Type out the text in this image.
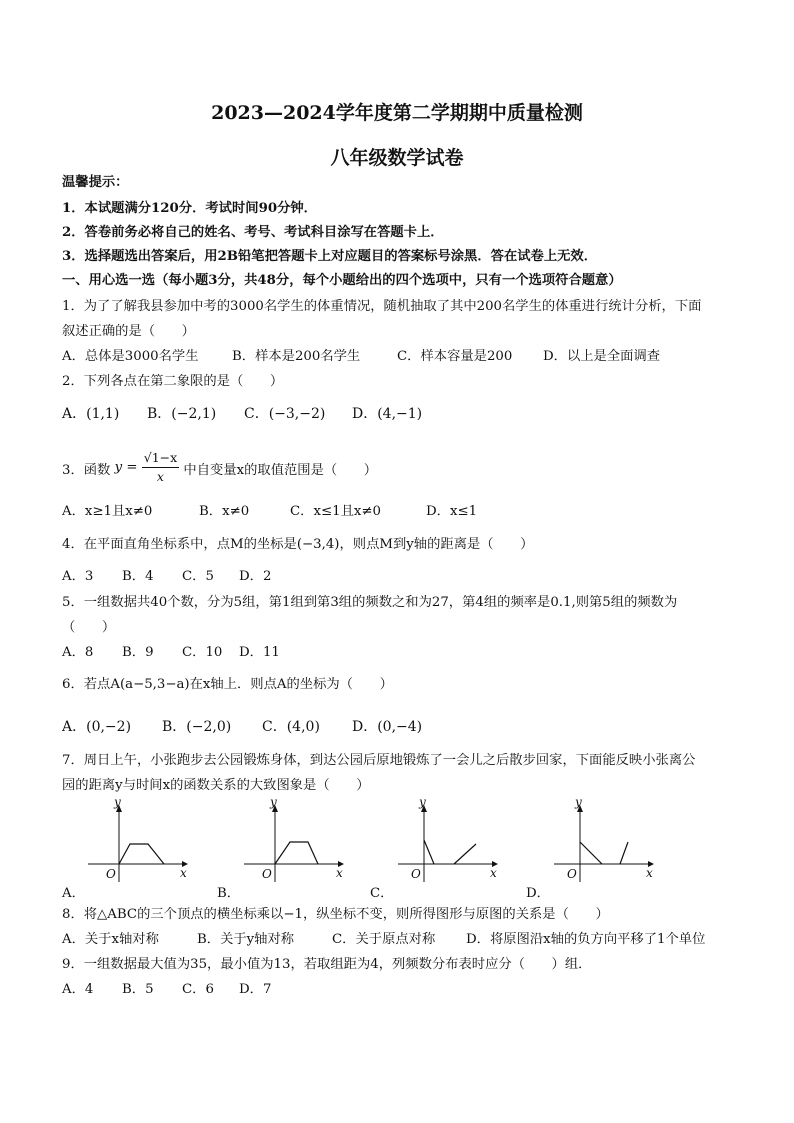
2023—2024学年度第二学期期中质量检测
八年级数学试卷
温馨提示：
1．本试题满分120分．考试时间90分钟．
2．答卷前务必将自己的姓名、考号、考试科目涂写在答题卡上．
3．选择题选出答案后，用2B铅笔把答题卡上对应题目的答案标号涂黑．答在试卷上无效．
一、用心选一选（每小题3分，共48分，每个小题给出的四个选项中，只有一个选项符合题意）
1．为了了解我县参加中考的3000名学生的体重情况，随机抽取了其中200名学生的体重进行统计分析，下面
叙述正确的是（　　）
A．总体是3000名学生	B．样本是200名学生	C．样本容量是200 D．以上是全面调查
2．下列各点在第二象限的是（　　）
A．(1,1) B．(−2,1) C．(−3,−2) D．(4,−1)
3．函数 $y = \frac{√1-x}{x}$ 中自变量x的取值范围是（　　）
A．x≥1且x≠0	B．x≠0	C．x≤1且x≠0	D．x≤1
4．在平面直角坐标系中，点M的坐标是(−3,4)，则点M到y轴的距离是（　　）
A．3 B．4 C．5 D．2
5．一组数据共40个数，分为5组，第1组到第3组的频数之和为27，第4组的频率是0.1,则第5组的频数为
（　　）
A．8 B．9 C．10 D．11
6．若点A(a−5,3−a)在x轴上．则点A的坐标为（　　）
A．(0,−2) B．(−2,0) C．(4,0) D．(0,−4)
7．周日上午，小张跑步去公园锻炼身体，到达公园后原地锻炼了一会儿之后散步回家，下面能反映小张离公
园的距离y与时间x的函数关系的大致图象是（　　）
y
x
O
A．
y
x
O
B．
y
x
O
C．
y
x
O
D．
8．将△ABC的三个顶点的横坐标乘以−1，纵坐标不变，则所得图形与原图的关系是（　　）
A．关于x轴对称	B．关于y轴对称	C．关于原点对称 D．将原图沿x轴的负方向平移了1个单位
9．一组数据最大值为35，最小值为13，若取组距为4，列频数分布表时应分（　　）组．
A．4 B．5 C．6 D．7
